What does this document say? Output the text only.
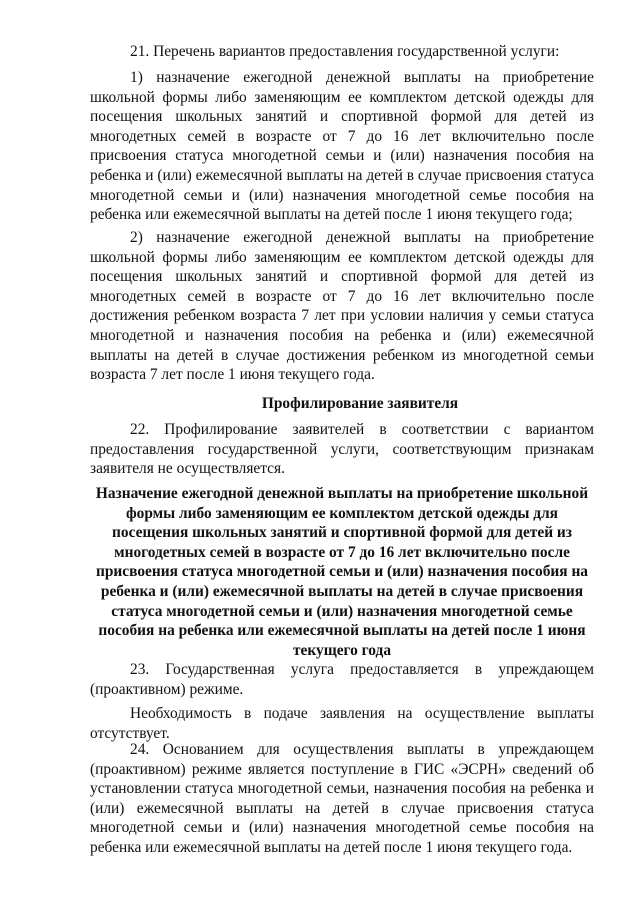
21. Перечень вариантов предоставления государственной услуги:

1) назначение ежегодной денежной выплаты на приобретение школьной формы либо заменяющим ее комплектом детской одежды для посещения школьных занятий и спортивной формой для детей из многодетных семей в возрасте от 7 до 16 лет включительно после присвоения статуса многодетной семьи и (или) назначения пособия на ребенка и (или) ежемесячной выплаты на детей в случае присвоения статуса многодетной семьи и (или) назначения многодетной семье пособия на ребенка или ежемесячной выплаты на детей после 1 июня текущего года;

2) назначение ежегодной денежной выплаты на приобретение школьной формы либо заменяющим ее комплектом детской одежды для посещения школьных занятий и спортивной формой для детей из многодетных семей в возрасте от 7 до 16 лет включительно после достижения ребенком возраста 7 лет при условии наличия у семьи статуса многодетной и назначения пособия на ребенка и (или) ежемесячной выплаты на детей в случае достижения ребенком из многодетной семьи возраста 7 лет после 1 июня текущего года.

Профилирование заявителя

22. Профилирование заявителей в соответствии с вариантом предоставления государственной услуги, соответствующим признакам заявителя не осуществляется.

Назначение ежегодной денежной выплаты на приобретение школьной формы либо заменяющим ее комплектом детской одежды для посещения школьных занятий и спортивной формой для детей из многодетных семей в возрасте от 7 до 16 лет включительно после присвоения статуса многодетной семьи и (или) назначения пособия на ребенка и (или) ежемесячной выплаты на детей в случае присвоения статуса многодетной семьи и (или) назначения многодетной семье пособия на ребенка или ежемесячной выплаты на детей после 1 июня текущего года

23. Государственная услуга предоставляется в упреждающем (проактивном) режиме.

Необходимость в подаче заявления на осуществление выплаты отсутствует.

24. Основанием для осуществления выплаты в упреждающем (проактивном) режиме является поступление в ГИС «ЭСРН» сведений об установлении статуса многодетной семьи, назначения пособия на ребенка и (или) ежемесячной выплаты на детей в случае присвоения статуса многодетной семьи и (или) назначения многодетной семье пособия на ребенка или ежемесячной выплаты на детей после 1 июня текущего года.
